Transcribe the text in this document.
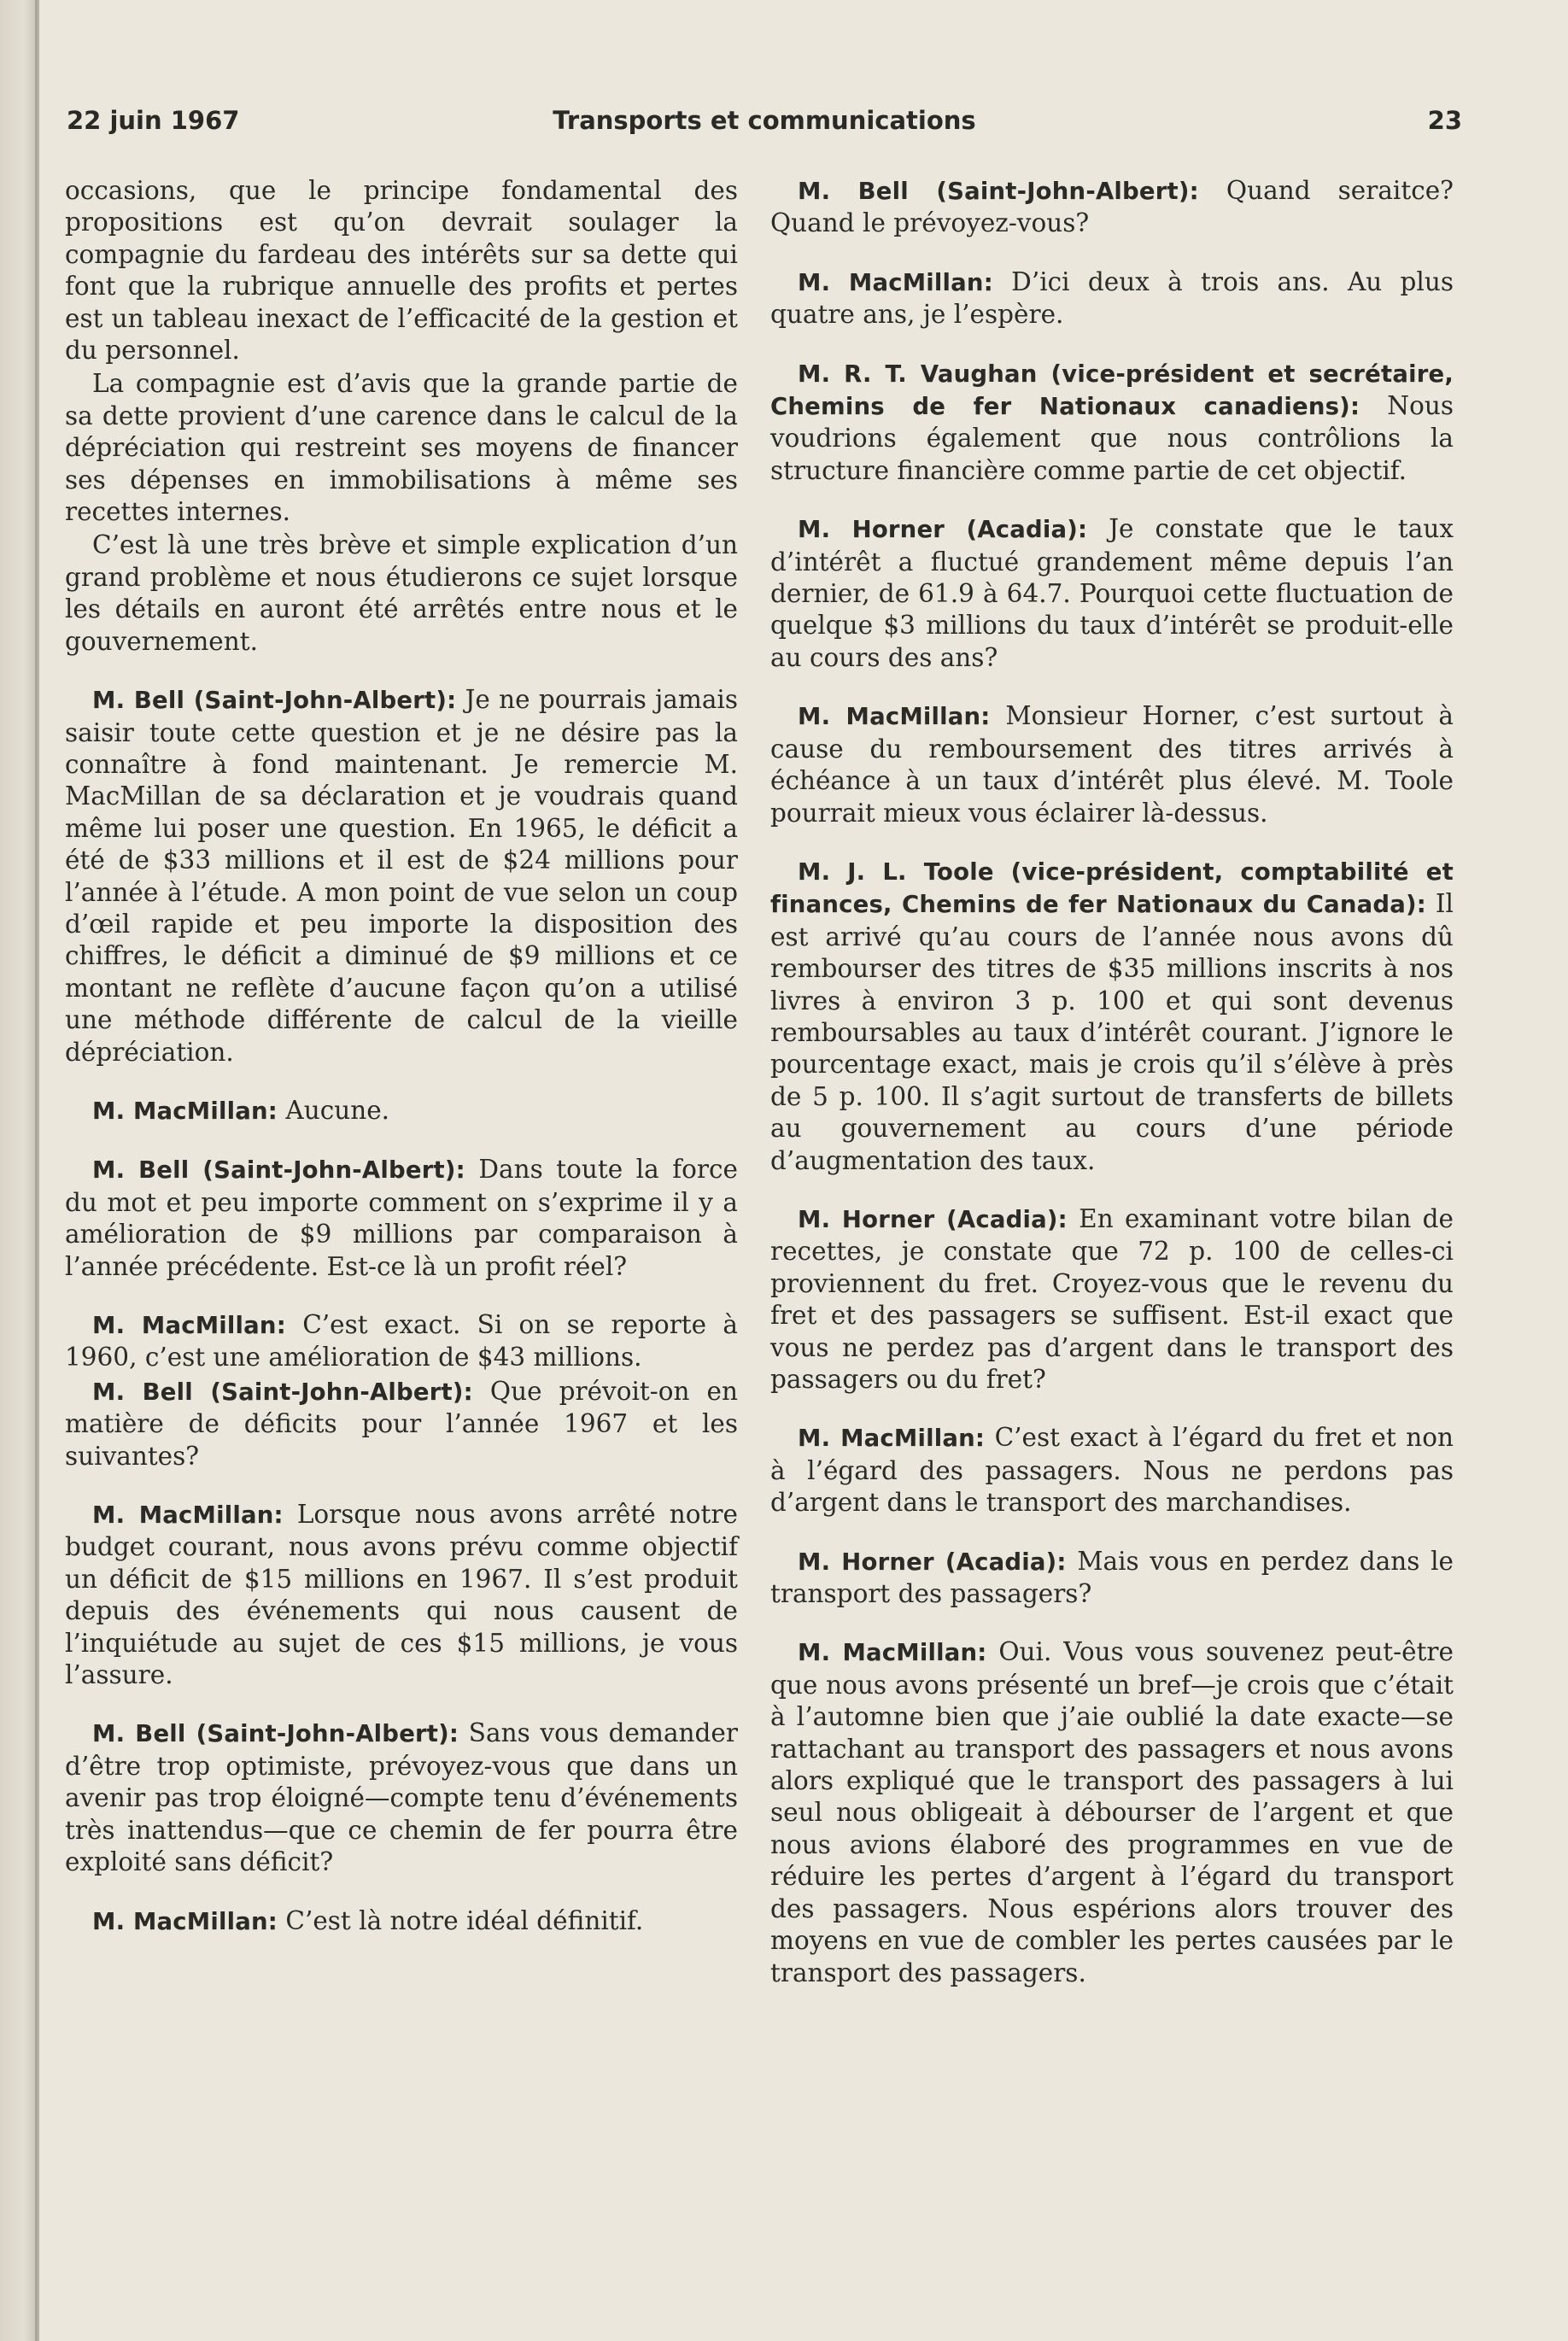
22 juin 1967	Transports et communications	23

occasions, que le principe fondamental des propositions est qu’on devrait soulager la compagnie du fardeau des intérêts sur sa dette qui font que la rubrique annuelle des profits et pertes est un tableau inexact de l’efficacité de la gestion et du personnel.

La compagnie est d’avis que la grande partie de sa dette provient d’une carence dans le calcul de la dépréciation qui restreint ses moyens de financer ses dépenses en immobilisations à même ses recettes internes.

C’est là une très brève et simple explication d’un grand problème et nous étudierons ce sujet lorsque les détails en auront été arrêtés entre nous et le gouvernement.

M. Bell (Saint-John-Albert): Je ne pourrais jamais saisir toute cette question et je ne désire pas la connaître à fond maintenant. Je remercie M. MacMillan de sa déclaration et je voudrais quand même lui poser une question. En 1965, le déficit a été de $33 millions et il est de $24 millions pour l’année à l’étude. A mon point de vue selon un coup d’œil rapide et peu importe la disposition des chiffres, le déficit a diminué de $9 millions et ce montant ne reflète d’aucune façon qu’on a utilisé une méthode différente de calcul de la vieille dépréciation.

M. MacMillan: Aucune.

M. Bell (Saint-John-Albert): Dans toute la force du mot et peu importe comment on s’exprime il y a amélioration de $9 millions par comparaison à l’année précédente. Est-ce là un profit réel?

M. MacMillan: C’est exact. Si on se reporte à 1960, c’est une amélioration de $43 millions.

M. Bell (Saint-John-Albert): Que prévoit-on en matière de déficits pour l’année 1967 et les suivantes?

M. MacMillan: Lorsque nous avons arrêté notre budget courant, nous avons prévu comme objectif un déficit de $15 millions en 1967. Il s’est produit depuis des événements qui nous causent de l’inquiétude au sujet de ces $15 millions, je vous l’assure.

M. Bell (Saint-John-Albert): Sans vous demander d’être trop optimiste, prévoyez-vous que dans un avenir pas trop éloigné—compte tenu d’événements très inattendus—que ce chemin de fer pourra être exploité sans déficit?

M. MacMillan: C’est là notre idéal définitif.

M. Bell (Saint-John-Albert): Quand seraitce? Quand le prévoyez-vous?

M. MacMillan: D’ici deux à trois ans. Au plus quatre ans, je l’espère.

M. R. T. Vaughan (vice-président et secrétaire, Chemins de fer Nationaux canadiens): Nous voudrions également que nous contrôlions la structure financière comme partie de cet objectif.

M. Horner (Acadia): Je constate que le taux d’intérêt a fluctué grandement même depuis l’an dernier, de 61.9 à 64.7. Pourquoi cette fluctuation de quelque $3 millions du taux d’intérêt se produit-elle au cours des ans?

M. MacMillan: Monsieur Horner, c’est surtout à cause du remboursement des titres arrivés à échéance à un taux d’intérêt plus élevé. M. Toole pourrait mieux vous éclairer là-dessus.

M. J. L. Toole (vice-président, comptabilité et finances, Chemins de fer Nationaux du Canada): Il est arrivé qu’au cours de l’année nous avons dû rembourser des titres de $35 millions inscrits à nos livres à environ 3 p. 100 et qui sont devenus remboursables au taux d’intérêt courant. J’ignore le pourcentage exact, mais je crois qu’il s’élève à près de 5 p. 100. Il s’agit surtout de transferts de billets au gouvernement au cours d’une période d’augmentation des taux.

M. Horner (Acadia): En examinant votre bilan de recettes, je constate que 72 p. 100 de celles-ci proviennent du fret. Croyez-vous que le revenu du fret et des passagers se suffisent. Est-il exact que vous ne perdez pas d’argent dans le transport des passagers ou du fret?

M. MacMillan: C’est exact à l’égard du fret et non à l’égard des passagers. Nous ne perdons pas d’argent dans le transport des marchandises.

M. Horner (Acadia): Mais vous en perdez dans le transport des passagers?

M. MacMillan: Oui. Vous vous souvenez peut-être que nous avons présenté un bref—je crois que c’était à l’automne bien que j’aie oublié la date exacte—se rattachant au transport des passagers et nous avons alors expliqué que le transport des passagers à lui seul nous obligeait à débourser de l’argent et que nous avions élaboré des programmes en vue de réduire les pertes d’argent à l’égard du transport des passagers. Nous espérions alors trouver des moyens en vue de combler les pertes causées par le transport des passagers.
